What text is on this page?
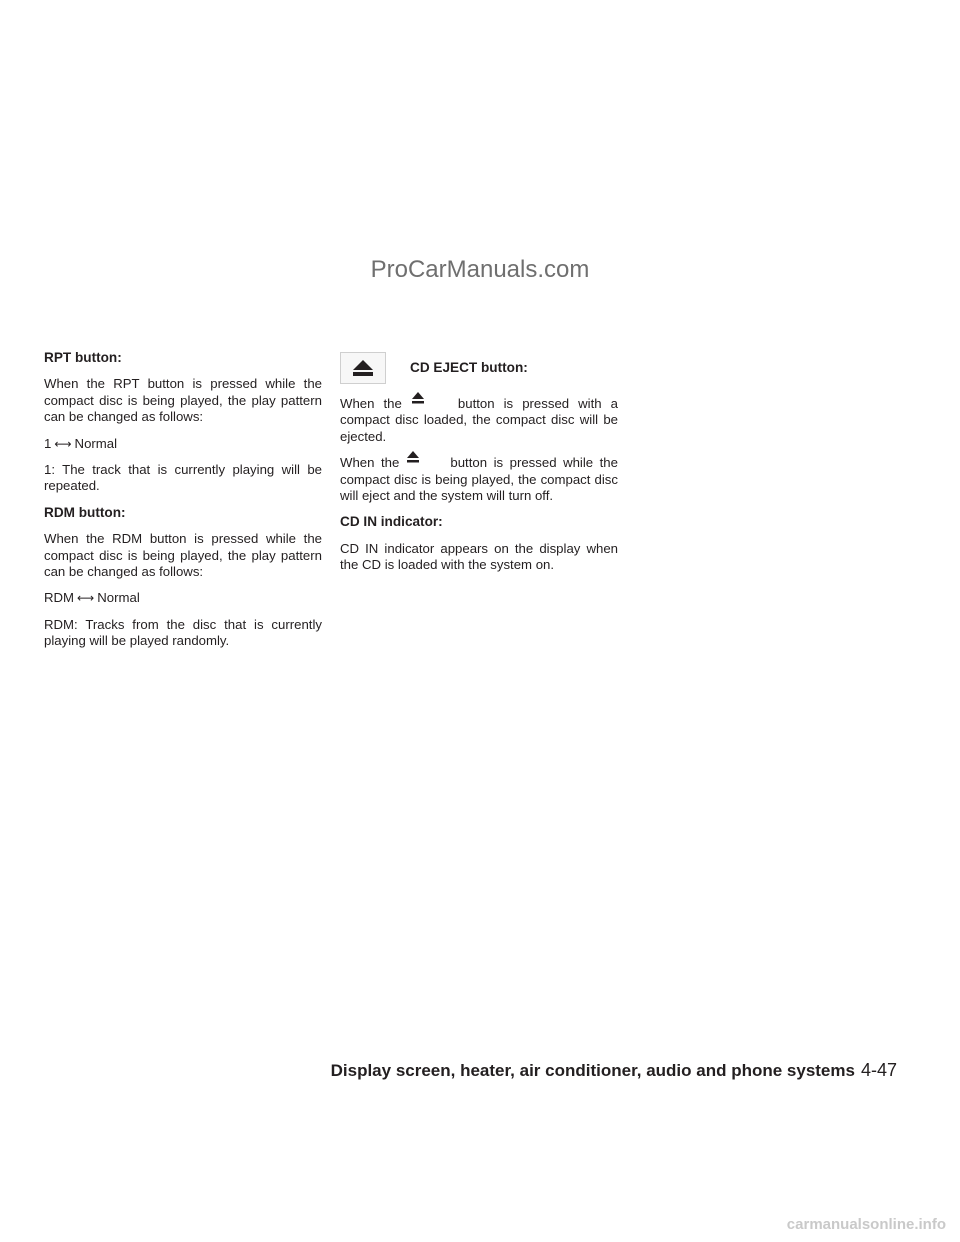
ProCarManuals.com
RPT button:

When the RPT button is pressed while the compact disc is being played, the play pattern can be changed as follows:

1 ⟷ Normal

1: The track that is currently playing will be repeated.

RDM button:

When the RDM button is pressed while the compact disc is being played, the play pattern can be changed as follows:

RDM ⟷ Normal

RDM: Tracks from the disc that is currently playing will be played randomly.

CD EJECT button:

When the	button is pressed with a compact disc loaded, the compact disc will be ejected.

When the	button is pressed while the compact disc is being played, the compact disc will eject and the system will turn off.

CD IN indicator:

CD IN indicator appears on the display when the CD is loaded with the system on.

Display screen, heater, air conditioner, audio and phone systems 4-47
carmanualsonline.info
